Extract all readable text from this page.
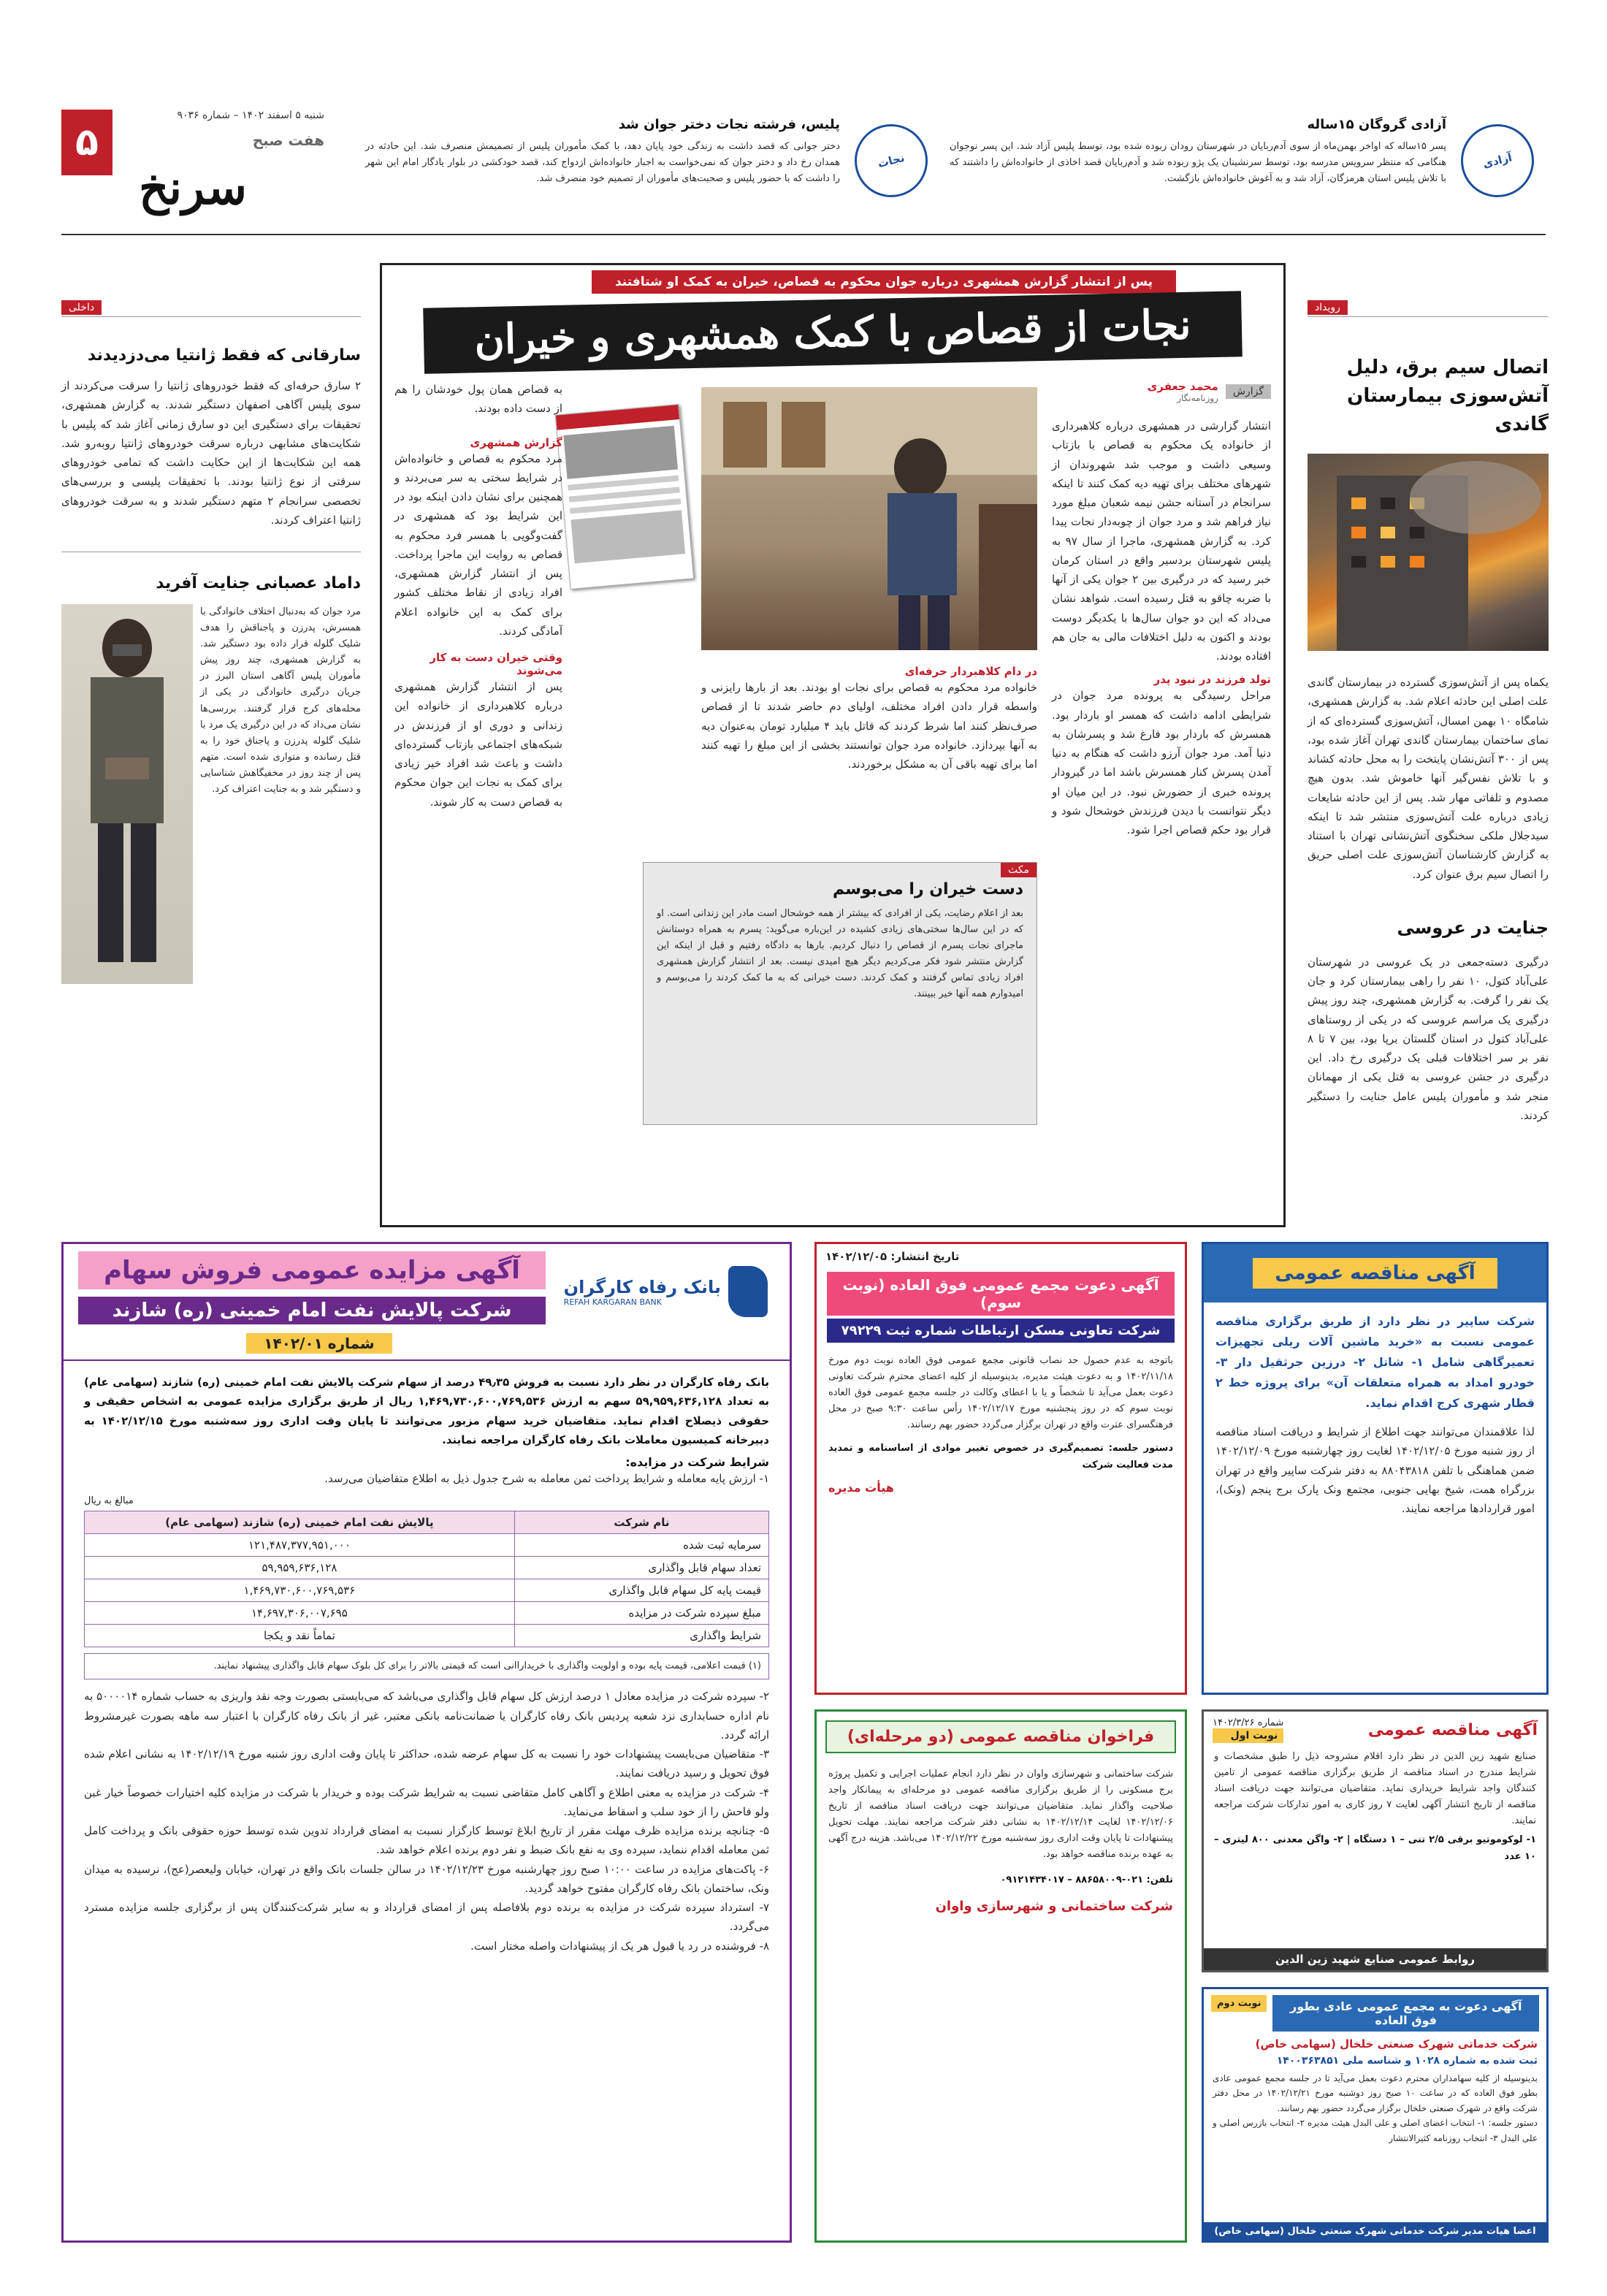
۵
شنبه ۵ اسفند ۱۴۰۲ – شماره ۹۰۳۶
هفت صبح
سرنخ	آزادی
آزادی گروگان ۱۵ساله
پسر ۱۵ساله که اواخر بهمن‌ماه از سوی آدم‌ربایان در شهرستان رودان ربوده شده بود، توسط پلیس آزاد شد. این پسر نوجوان هنگامی که منتظر سرویس مدرسه بود، توسط سرنشینان یک پژو ربوده شد و آدم‌ربایان قصد اخاذی از خانواده‌اش را داشتند که با تلاش پلیس استان هرمزگان، آزاد شد و به آغوش خانواده‌اش بازگشت.
نجات
پلیس، فرشته نجات دختر جوان شد
دختر جوانی که قصد داشت به زندگی خود پایان دهد، با کمک مأموران پلیس از تصمیمش منصرف شد. این حادثه در همدان رخ داد و دختر جوان که نمی‌خواست به اجبار خانواده‌اش ازدواج کند، قصد خودکشی در بلوار یادگار امام این شهر را داشت که با حضور پلیس و صحبت‌های مأموران از تصمیم خود منصرف شد.
رویداد
اتصال سیم برق، دلیل آتش‌سوزی بیمارستان گاندی
یکماه پس از آتش‌سوزی گسترده در بیمارستان گاندی علت اصلی این حادثه اعلام شد. به گزارش همشهری، شامگاه ۱۰ بهمن امسال، آتش‌سوزی گسترده‌ای که از نمای ساختمان بیمارستان گاندی تهران آغاز شده بود، پس از ۳۰۰ آتش‌نشان پایتخت را به محل حادثه کشاند و با تلاش نفس‌گیر آنها خاموش شد. بدون هیچ مصدوم و تلفاتی مهار شد. پس از این حادثه شایعات زیادی درباره علت آتش‌سوزی منتشر شد تا اینکه سیدجلال ملکی سخنگوی آتش‌نشانی تهران با استناد به گزارش کارشناسان آتش‌سوزی علت اصلی حریق را اتصال سیم برق عنوان کرد.
جنایت در عروسی
درگیری دسته‌جمعی در یک عروسی در شهرستان علی‌آباد کتول، ۱۰ نفر را راهی بیمارستان کرد و جان یک نفر را گرفت. به گزارش همشهری، چند روز پیش درگیری یک مراسم عروسی که در یکی از روستاهای علی‌آباد کتول در استان گلستان برپا بود، بین ۷ تا ۸ نفر بر سر اختلافات قبلی یک درگیری رخ داد. این درگیری در جشن عروسی به قتل یکی از مهمانان منجر شد و مأموران پلیس عامل جنایت را دستگیر کردند.
پس از انتشار گزارش همشهری درباره جوان محکوم به قصاص، خیران به کمک او شتافتند
نجات از قصاص با کمک همشهری و خیران
گزارش
محمد جعفری
روزنامه‌نگار
انتشار گزارشی در همشهری درباره کلاهبرداری از خانواده یک محکوم به قصاص با بازتاب وسیعی داشت و موجب شد شهروندان از شهرهای مختلف برای تهیه دیه کمک کنند تا اینکه سرانجام در آستانه جشن نیمه شعبان مبلغ مورد نیاز فراهم شد و مرد جوان از چوبه‌دار نجات پیدا کرد. به گزارش همشهری، ماجرا از سال ۹۷ به پلیس شهرستان بردسیر واقع در استان کرمان خبر رسید که در درگیری بین ۲ جوان یکی از آنها با ضربه چاقو به قتل رسیده است. شواهد نشان می‌داد که این دو جوان سال‌ها با یکدیگر دوست بودند و اکنون به دلیل اختلافات مالی به جان هم افتاده بودند.
تولد فرزند در نبود پدر
مراحل رسیدگی به پرونده مرد جوان در شرایطی ادامه داشت که همسر او باردار بود. همسرش که باردار بود فارغ شد و پسرشان به دنیا آمد. مرد جوان آرزو داشت که هنگام به دنیا آمدن پسرش کنار همسرش باشد اما در گیرودار پرونده خبری از حضورش نبود. در این میان او دیگر نتوانست با دیدن فرزندش خوشحال شود و قرار بود حکم قصاص اجرا شود.
به قصاص همان پول خودشان را هم از دست داده بودند.
گزارش همشهری
مرد محکوم به قصاص و خانواده‌اش در شرایط سختی به سر می‌بردند و همچنین برای نشان دادن اینکه بود در این شرایط بود که همشهری در گفت‌وگویی با همسر فرد محکوم به قصاص به روایت این ماجرا پرداخت. پس از انتشار گزارش همشهری، افراد زیادی از نقاط مختلف کشور برای کمک به این خانواده اعلام آمادگی کردند.
وقتی خیران دست به کار می‌شوند
پس از انتشار گزارش همشهری درباره کلاهبرداری از خانواده این زندانی و دوری او از فرزندش در شبکه‌های اجتماعی بازتاب گسترده‌ای داشت و باعث شد افراد خیر زیادی برای کمک به نجات این جوان محکوم به قصاص دست به کار شوند.
در دام کلاهبردار حرفه‌ای
خانواده مرد محکوم به قصاص برای نجات او بودند. بعد از بارها رایزنی و واسطه قرار دادن افراد مختلف، اولیای دم حاضر شدند تا از قصاص صرف‌نظر کنند اما شرط کردند که قاتل باید ۴ میلیارد تومان به‌عنوان دیه به آنها بپردازد. خانواده مرد جوان توانستند بخشی از این مبلغ را تهیه کنند اما برای تهیه باقی آن به مشکل برخوردند.
مکث
دست خیران را می‌بوسم
بعد از اعلام رضایت، یکی از افرادی که بیشتر از همه خوشحال است مادر این زندانی است. او که در این سال‌ها سختی‌های زیادی کشیده در این‌باره می‌گوید: پسرم به همراه دوستانش ماجرای نجات پسرم از قصاص را دنبال کردیم. بارها به دادگاه رفتیم و قبل از اینکه این گزارش منتشر شود فکر می‌کردیم دیگر هیچ امیدی نیست. بعد از انتشار گزارش همشهری افراد زیادی تماس گرفتند و کمک کردند. دست خیرانی که به ما کمک کردند را می‌بوسم و امیدوارم همه آنها خیر ببینند.
داخلی
سارقانی که فقط ژانتیا می‌دزدیدند
۲ سارق حرفه‌ای که فقط خودروهای ژانتیا را سرقت می‌کردند از سوی پلیس آگاهی اصفهان دستگیر شدند. به گزارش همشهری، تحقیقات برای دستگیری این دو سارق زمانی آغاز شد که پلیس با شکایت‌های مشابهی درباره سرقت خودروهای ژانتیا روبه‌رو شد. همه این شکایت‌ها از این حکایت داشت که تمامی خودروهای سرقتی از نوع ژانتیا بودند. با تحقیقات پلیسی و بررسی‌های تخصصی سرانجام ۲ متهم دستگیر شدند و به سرقت خودروهای ژانتیا اعتراف کردند.
داماد عصبانی جنایت آفرید
مرد جوان که به‌دنبال اختلاف خانوادگی با همسرش، پدرزن و پاجناقش را هدف شلیک گلوله قرار داده بود دستگیر شد. به گزارش همشهری، چند روز پیش مأموران پلیس آگاهی استان البرز در جریان درگیری خانوادگی در یکی از محله‌های کرج قرار گرفتند. بررسی‌ها نشان می‌داد که در این درگیری یک مرد با شلیک گلوله پدرزن و پاجناق خود را به قتل رسانده و متواری شده است. متهم پس از چند روز در مخفیگاهش شناسایی و دستگیر شد و به جنایت اعتراف کرد.
بانک رفاه کارگران
REFAH KARGARAN BANK
آگهی مزایده عمومی فروش سهام
شرکت پالایش نفت امام خمینی (ره) شازند
شماره ۱۴۰۲/۰۱
بانک رفاه کارگران در نظر دارد نسبت به فروش ۴۹٫۳۵ درصد از سهام شرکت پالایش نفت امام خمینی (ره) شازند (سهامی عام) به تعداد ۵۹,۹۵۹,۶۳۶,۱۲۸ سهم به ارزش ۱,۴۶۹,۷۳۰,۶۰۰,۷۶۹,۵۳۶ ریال از طریق برگزاری مزایده عمومی به اشخاص حقیقی و حقوقی ذیصلاح اقدام نماید. متقاضیان خرید سهام مزبور می‌توانند تا پایان وقت اداری روز سه‌شنبه مورخ ۱۴۰۲/۱۲/۱۵ به دبیرخانه کمیسیون معاملات بانک رفاه کارگران مراجعه نمایند.
شرایط شرکت در مزایده:
۱- ارزش پایه معامله و شرایط پرداخت ثمن معامله به شرح جدول ذیل به اطلاع متقاضیان می‌رسد.
مبالغ به ریال
نام شرکت	پالایش نفت امام خمینی (ره) شازند (سهامی عام)
سرمایه ثبت شده	۱۲۱,۴۸۷,۳۷۷,۹۵۱,۰۰۰
تعداد سهام قابل واگذاری	۵۹,۹۵۹,۶۳۶,۱۲۸
قیمت پایه کل سهام قابل واگذاری	۱,۴۶۹,۷۳۰,۶۰۰,۷۶۹,۵۳۶
مبلغ سپرده شرکت در مزایده	۱۴,۶۹۷,۳۰۶,۰۰۷,۶۹۵
شرایط واگذاری	تماماً نقد و یکجا
(۱) قیمت اعلامی، قیمت پایه بوده و اولویت واگذاری با خریداراانی است که قیمتی بالاتر را برای کل بلوک سهام قابل واگذاری پیشنهاد نمایند.
۲- سپرده شرکت در مزایده معادل ۱ درصد ارزش کل سهام قابل واگذاری می‌باشد که می‌بایستی بصورت وجه نقد واریزی به حساب شماره ۵۰۰۰۰۱۴ به نام اداره حسابداری نزد شعبه پردیس بانک رفاه کارگران یا ضمانت‌نامه بانکی معتبر، غیر از بانک رفاه کارگران با اعتبار سه ماهه بصورت غیرمشروط ارائه گردد.
۳- متقاضیان می‌بایست پیشنهادات خود را نسبت به کل سهام عرضه شده، حداکثر تا پایان وقت اداری روز شنبه مورخ ۱۴۰۲/۱۲/۱۹ به نشانی اعلام شده فوق تحویل و رسید دریافت نمایند.
۴- شرکت در مزایده به معنی اطلاع و آگاهی کامل متقاضی نسبت به شرایط شرکت بوده و خریدار با شرکت در مزایده کلیه اختیارات خصوصاً خیار غبن ولو فاحش را از خود سلب و اسقاط می‌نماید.
۵- چنانچه برنده مزایده ظرف مهلت مقرر از تاریخ ابلاغ توسط کارگزار نسبت به امضای قرارداد تدوین شده توسط حوزه حقوقی بانک و پرداخت کامل ثمن معامله اقدام ننماید، سپرده وی به نفع بانک ضبط و نفر دوم برنده اعلام خواهد شد.
۶- پاکت‌های مزایده در ساعت ۱۰:۰۰ صبح روز چهارشنبه مورخ ۱۴۰۲/۱۲/۲۳ در سالن جلسات بانک واقع در تهران، خیابان ولیعصر(عج)، نرسیده به میدان ونک، ساختمان بانک رفاه کارگران مفتوح خواهد گردید.
۷- استرداد سپرده شرکت در مزایده به برنده دوم بلافاصله پس از امضای قرارداد و به سایر شرکت‌کنندگان پس از برگزاری جلسه مزایده مسترد می‌گردد.
۸- فروشنده در رد یا قبول هر یک از پیشنهادات واصله مختار است.
تاریخ انتشار: ۱۴۰۲/۱۲/۰۵
آگهی دعوت مجمع عمومی فوق العاده (نوبت سوم)
شرکت تعاونی مسکن ارتباطات شماره ثبت ۷۹۲۲۹
باتوجه به عدم حصول حد نصاب قانونی مجمع عمومی فوق العاده نوبت دوم مورخ ۱۴۰۲/۱۱/۱۸ و به دعوت هیئت مدیره، بدینوسیله از کلیه اعضای محترم شرکت تعاونی دعوت بعمل می‌آید تا شخصاً و یا با اعطای وکالت در جلسه مجمع عمومی فوق العاده نوبت سوم که در روز پنجشنبه مورخ ۱۴۰۲/۱۲/۱۷ رأس ساعت ۹:۳۰ صبح در محل فرهنگسرای عترت واقع در تهران برگزار می‌گردد حضور بهم رسانند.
دستور جلسه: تصمیم‌گیری در خصوص تغییر موادی از اساسنامه و تمدید مدت فعالیت شرکت
هیأت مدیره
فراخوان مناقصه عمومی (دو مرحله‌ای)
شرکت ساختمانی و شهرسازی واوان در نظر دارد انجام عملیات اجرایی و تکمیل پروژه برج مسکونی را از طریق برگزاری مناقصه عمومی دو مرحله‌ای به پیمانکار واجد صلاحیت واگذار نماید. متقاضیان می‌توانند جهت دریافت اسناد مناقصه از تاریخ ۱۴۰۲/۱۲/۰۶ لغایت ۱۴۰۲/۱۲/۱۴ به نشانی دفتر شرکت مراجعه نمایند. مهلت تحویل پیشنهادات تا پایان وقت اداری روز سه‌شنبه مورخ ۱۴۰۲/۱۲/۲۲ می‌باشد. هزینه درج آگهی به عهده برنده مناقصه خواهد بود.
تلفن: ۰۲۱-۸۸۶۵۸۰۰۹ – ۰۹۱۲۱۴۳۴۰۱۷
شرکت ساختمانی و شهرسازی واوان
آگهی مناقصه عمومی
شرکت ساپیر در نظر دارد از طریق برگزاری مناقصه عمومی نسبت به «خرید ماشین آلات ریلی تجهیزات تعمیرگاهی شامل ۱- شاتل ۲- درزین جرثقیل دار ۳- خودرو امداد به همراه متعلقات آن» برای پروژه خط ۲ قطار شهری کرج اقدام نماید.
لذا علاقمندان می‌توانند جهت اطلاع از شرایط و دریافت اسناد مناقصه از روز شنبه مورخ ۱۴۰۲/۱۲/۰۵ لغایت روز چهارشنبه مورخ ۱۴۰۲/۱۲/۰۹ ضمن هماهنگی با تلفن ۸۸۰۴۳۸۱۸ به دفتر شرکت ساپیر واقع در تهران بزرگراه همت، شیخ بهایی جنوبی، مجتمع ونک پارک برج پنجم (ونک)، امور قراردادها مراجعه نمایند.
آگهی مناقصه عمومی
شماره ۱۴۰۲/۳/۲۶
نوبت اول
صنایع شهید زین الدین در نظر دارد اقلام مشروحه ذیل را طبق مشخصات و شرایط مندرج در اسناد مناقصه از طریق برگزاری مناقصه عمومی از تامین کنندگان واجد شرایط خریداری نماید. متقاضیان می‌توانند جهت دریافت اسناد مناقصه از تاریخ انتشار آگهی لغایت ۷ روز کاری به امور تدارکات شرکت مراجعه نمایند.
۱- لوکوموتیو برقی ۲/۵ تنی – ۱ دستگاه | ۲- واگن معدنی ۸۰۰ لیتری – ۱۰ عدد
روابط عمومی صنایع شهید زین الدین
آگهی دعوت به مجمع عمومی عادی بطور فوق العاده
نوبت دوم
شرکت خدماتی شهرک صنعتی خلخال (سهامی خاص)
ثبت شده به شماره ۱۰۲۸ و شناسه ملی ۱۴۰۰۳۶۳۸۵۱
بدینوسیله از کلیه سهامداران محترم دعوت بعمل می‌آید تا در جلسه مجمع عمومی عادی بطور فوق العاده که در ساعت ۱۰ صبح روز دوشنبه مورخ ۱۴۰۲/۱۲/۲۱ در محل دفتر شرکت واقع در شهرک صنعتی خلخال برگزار می‌گردد حضور بهم رسانند.
دستور جلسه: ۱- انتخاب اعضای اصلی و علی البدل هیئت مدیره ۲- انتخاب بازرس اصلی و علی البدل ۳- انتخاب روزنامه کثیرالانتشار
اعضا هیات مدیر شرکت خدماتی شهرک صنعتی خلخال (سهامی خاص)
